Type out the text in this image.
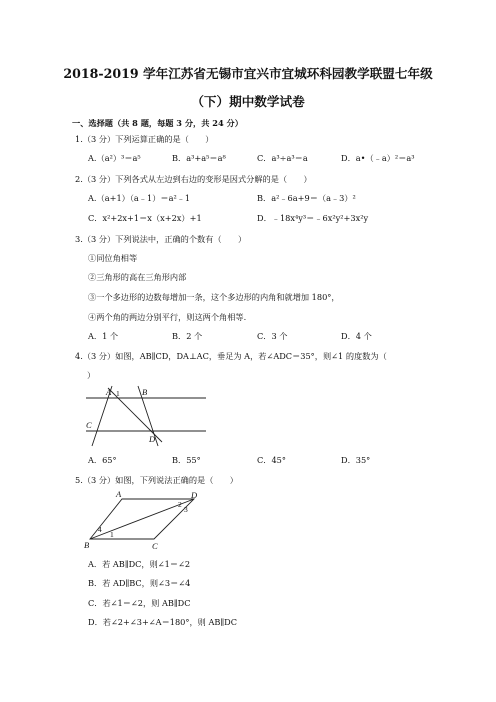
2018-2019 学年江苏省无锡市宜兴市宜城环科园教学联盟七年级
（下）期中数学试卷
一、选择题（共 8 题，每题 3 分，共 24 分）
1.（3 分）下列运算正确的是（　　）
A.（a²）³＝a⁵	B．a³+a⁵＝a⁸	C．a³÷a³＝a	D．a•（﹣a）²＝a³
2.（3 分）下列各式从左边到右边的变形是因式分解的是（　　）
A.（a+1）（a﹣1）＝a²﹣1	B．a²﹣6a+9＝（a﹣3）²
C．x²+2x+1＝x（x+2x）+1	D．﹣18x⁴y³＝﹣6x²y²+3x²y
3.（3 分）下列说法中，正确的个数有（　　）
①同位角相等
②三角形的高在三角形内部
③一个多边形的边数每增加一条，这个多边形的内角和就增加 180°，
④两个角的两边分别平行，则这两个角相等.
A．1 个	B．2 个	C．3 个	D．4 个
4.（3 分）如图，AB∥CD，DA⊥AC，垂足为 A，若∠ADC＝35°，则∠1 的度数为（
）
A 1	B
C
D
A．65°	B．55°	C．45°	D．35°
5.（3 分）如图，下列说法正确的是（　　）
A	D
B	C
1
2
3
4
A．若 AB∥DC，则∠1＝∠2
B．若 AD∥BC，则∠3＝∠4
C．若∠1＝∠2，则 AB∥DC
D．若∠2+∠3+∠A＝180°，则 AB∥DC
